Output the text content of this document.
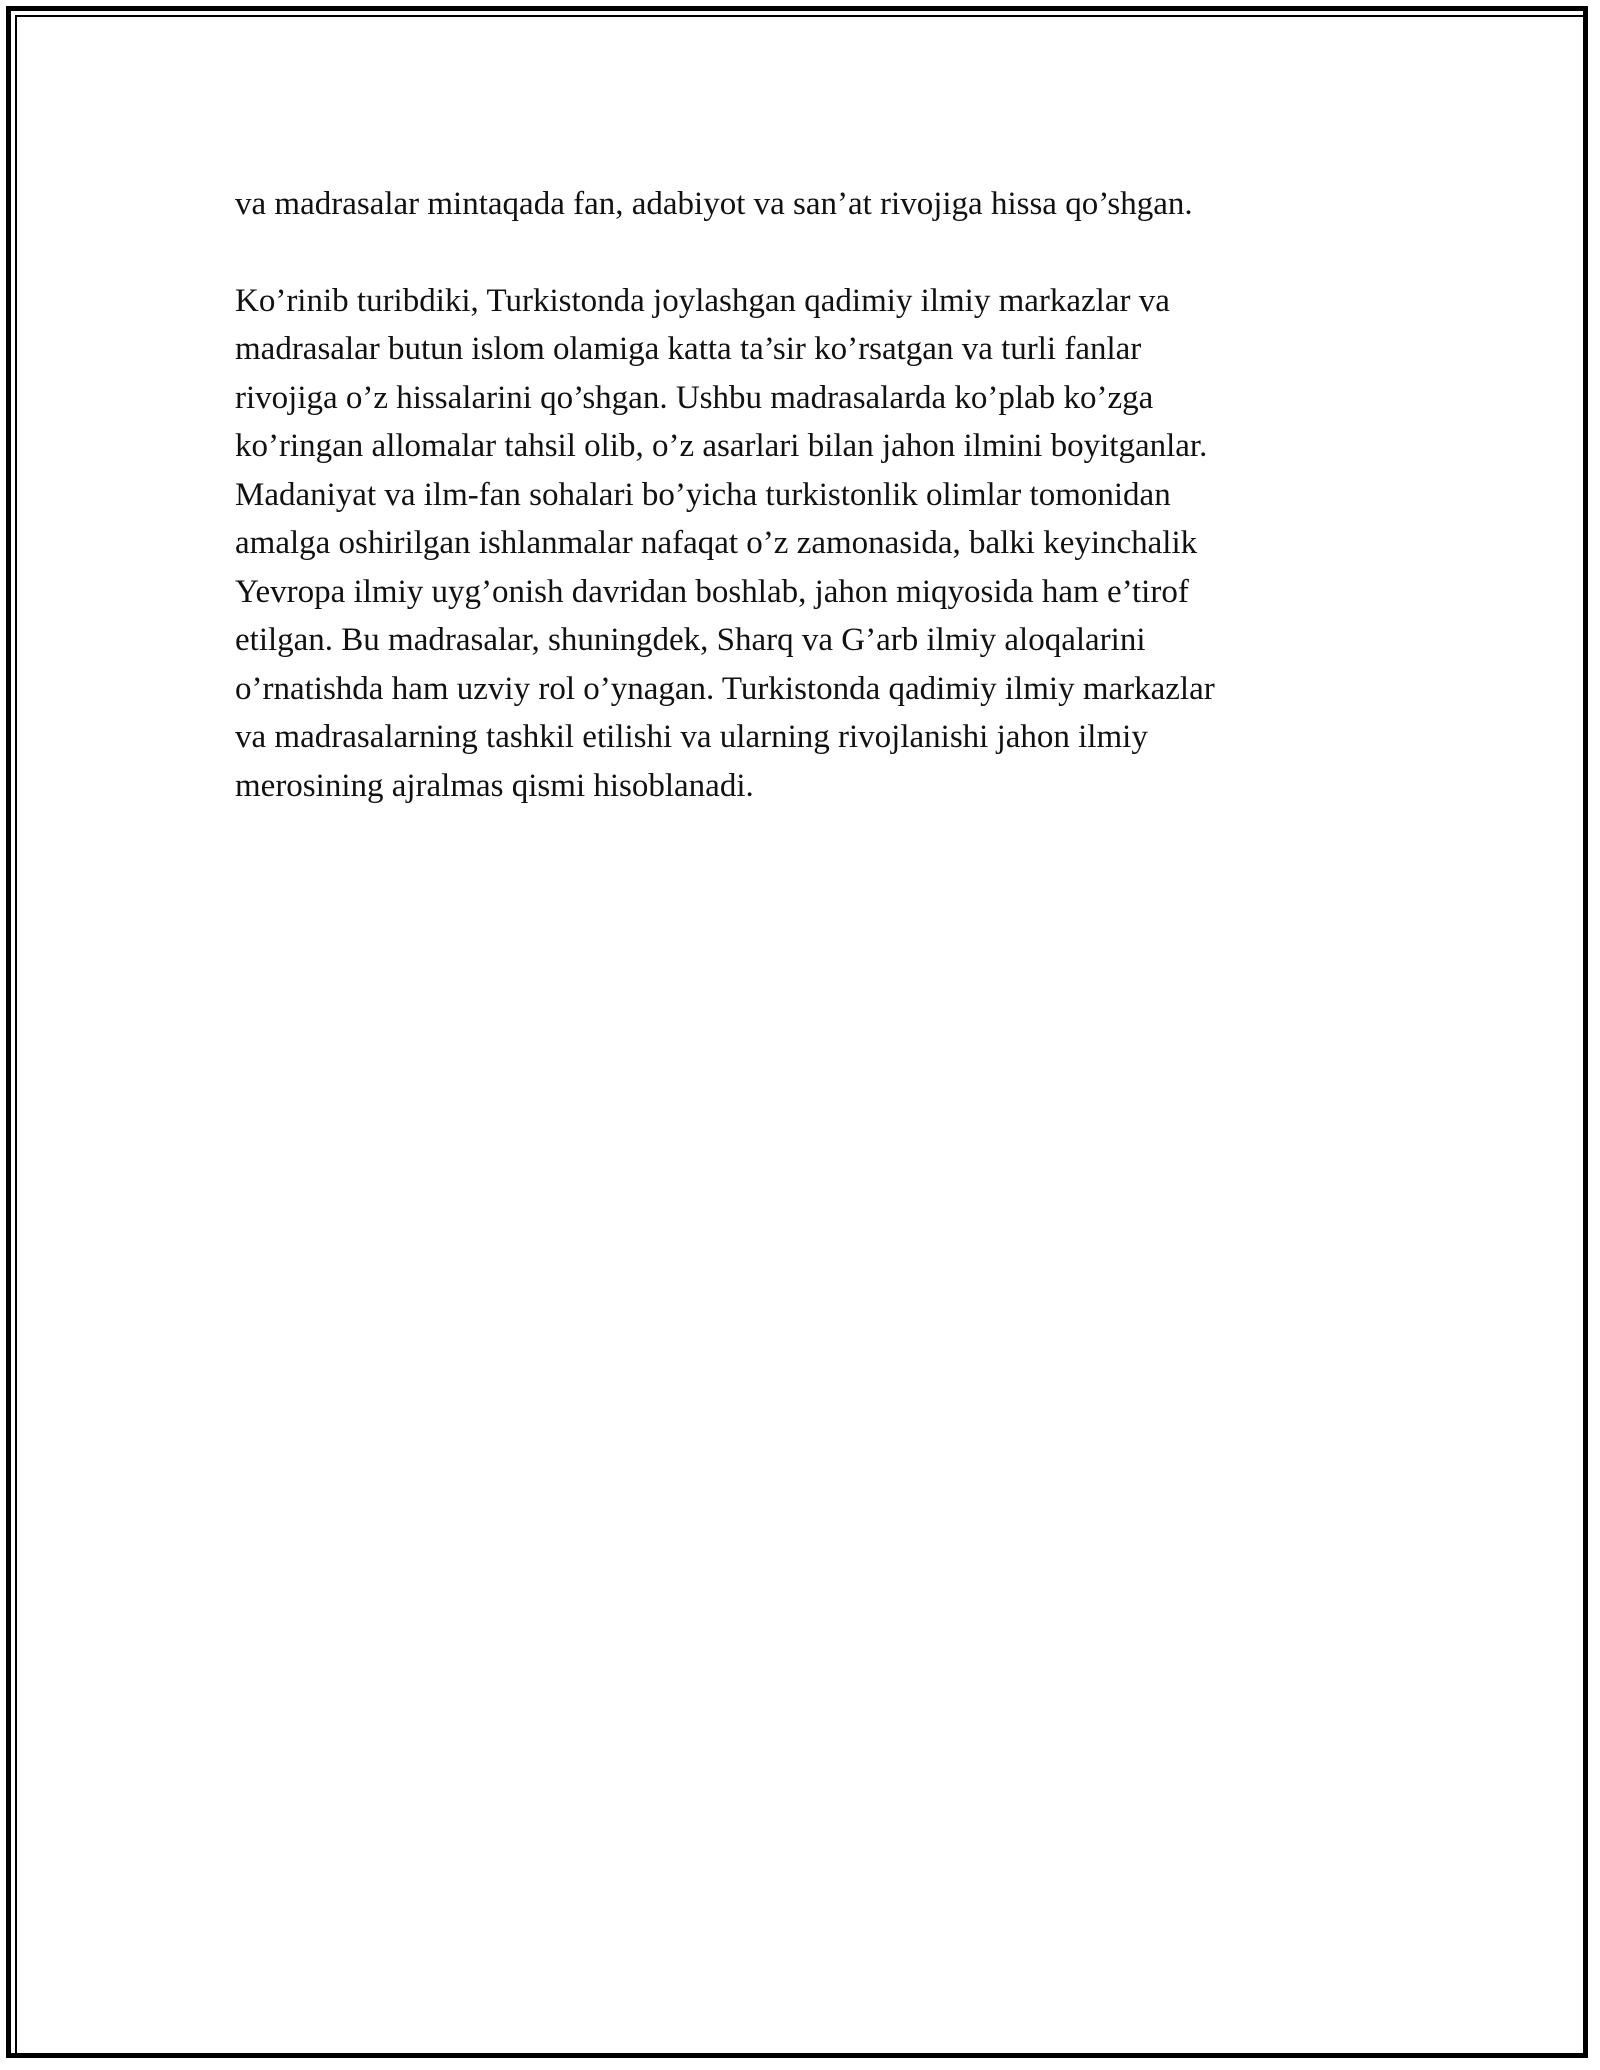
va madrasalar mintaqada fan, adabiyot va san’at rivojiga hissa qo’shgan.

Ko’rinib turibdiki, Turkistonda joylashgan qadimiy ilmiy markazlar va
madrasalar butun islom olamiga katta ta’sir ko’rsatgan va turli fanlar
rivojiga o’z hissalarini qo’shgan. Ushbu madrasalarda ko’plab ko’zga
ko’ringan allomalar tahsil olib, o’z asarlari bilan jahon ilmini boyitganlar.
Madaniyat va ilm-fan sohalari bo’yicha turkistonlik olimlar tomonidan
amalga oshirilgan ishlanmalar nafaqat o’z zamonasida, balki keyinchalik
Yevropa ilmiy uyg’onish davridan boshlab, jahon miqyosida ham e’tirof
etilgan. Bu madrasalar, shuningdek, Sharq va G’arb ilmiy aloqalarini
o’rnatishda ham uzviy rol o’ynagan. Turkistonda qadimiy ilmiy markazlar
va madrasalarning tashkil etilishi va ularning rivojlanishi jahon ilmiy
merosining ajralmas qismi hisoblanadi.
